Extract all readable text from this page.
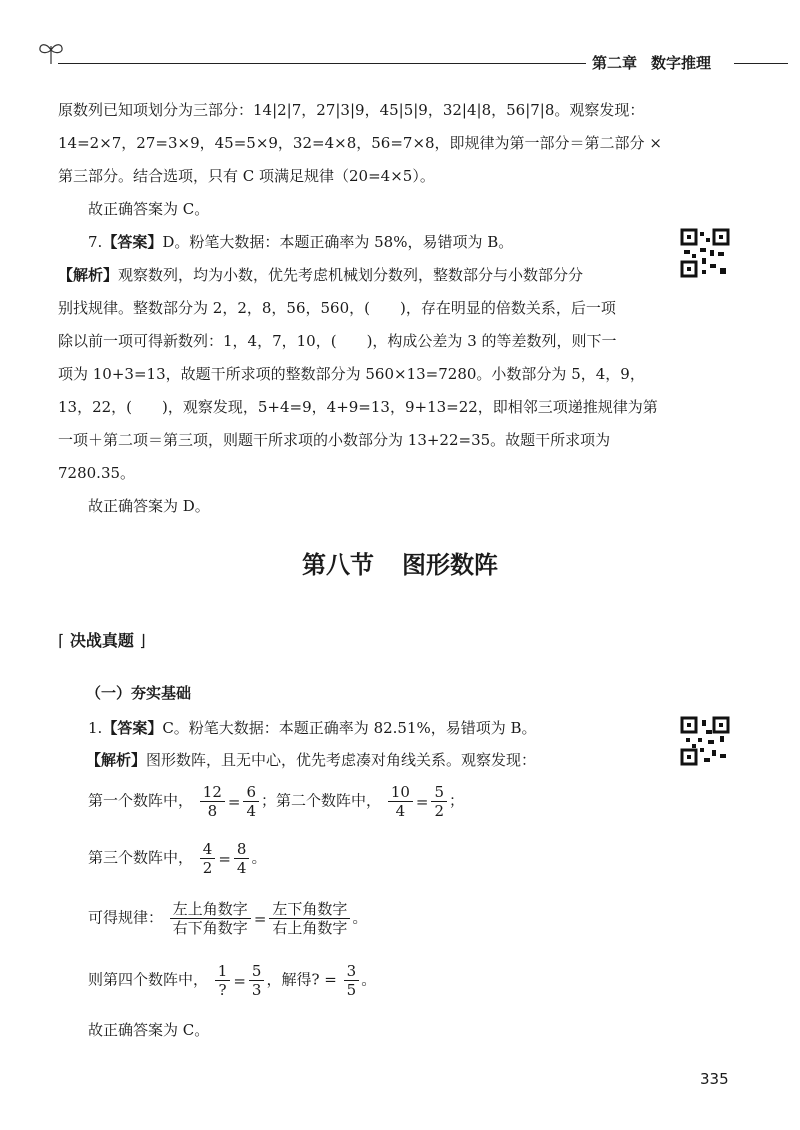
第二章 数字推理
原数列已知项划分为三部分：14|2|7，27|3|9，45|5|9，32|4|8，56|7|8。观察发现：
14=2×7，27=3×9，45=5×9，32=4×8，56=7×8，即规律为第一部分＝第二部分 ×
第三部分。结合选项，只有 C 项满足规律（20=4×5）。
故正确答案为 C。
7.【答案】D。粉笔大数据：本题正确率为 58%，易错项为 B。
【解析】观察数列，均为小数，优先考虑机械划分数列，整数部分与小数部分分
别找规律。整数部分为 2，2，8，56，560，(　　)，存在明显的倍数关系，后一项
除以前一项可得新数列：1，4，7，10，(　　)，构成公差为 3 的等差数列，则下一
项为 10+3=13，故题干所求项的整数部分为 560×13=7280。小数部分为 5，4，9，
13，22，(　　)，观察发现，5+4=9，4+9=13，9+13=22，即相邻三项递推规律为第
一项＋第二项＝第三项，则题干所求项的小数部分为 13+22=35。故题干所求项为
7280.35。
故正确答案为 D。
第八节 图形数阵
⌈ 决战真题 ⌋
（一）夯实基础
1.【答案】C。粉笔大数据：本题正确率为 82.51%，易错项为 B。
【解析】图形数阵，且无中心，优先考虑凑对角线关系。观察发现：
第一个数阵中， $\frac{12}{8} = \frac{6}{4}$ ；第二个数阵中， $\frac{10}{4} = \frac{5}{2}$ ；
第三个数阵中， $\frac{4}{2} = \frac{8}{4}$ 。
可得规律： $\frac{\text{左上角数字}}{\text{右下角数字}} = \frac{\text{左下角数字}}{\text{右上角数字}}$ 。
则第四个数阵中， $\frac{1}{?} = \frac{5}{3}$ ，解得? = $\frac{3}{5}$ 。
故正确答案为 C。
335
